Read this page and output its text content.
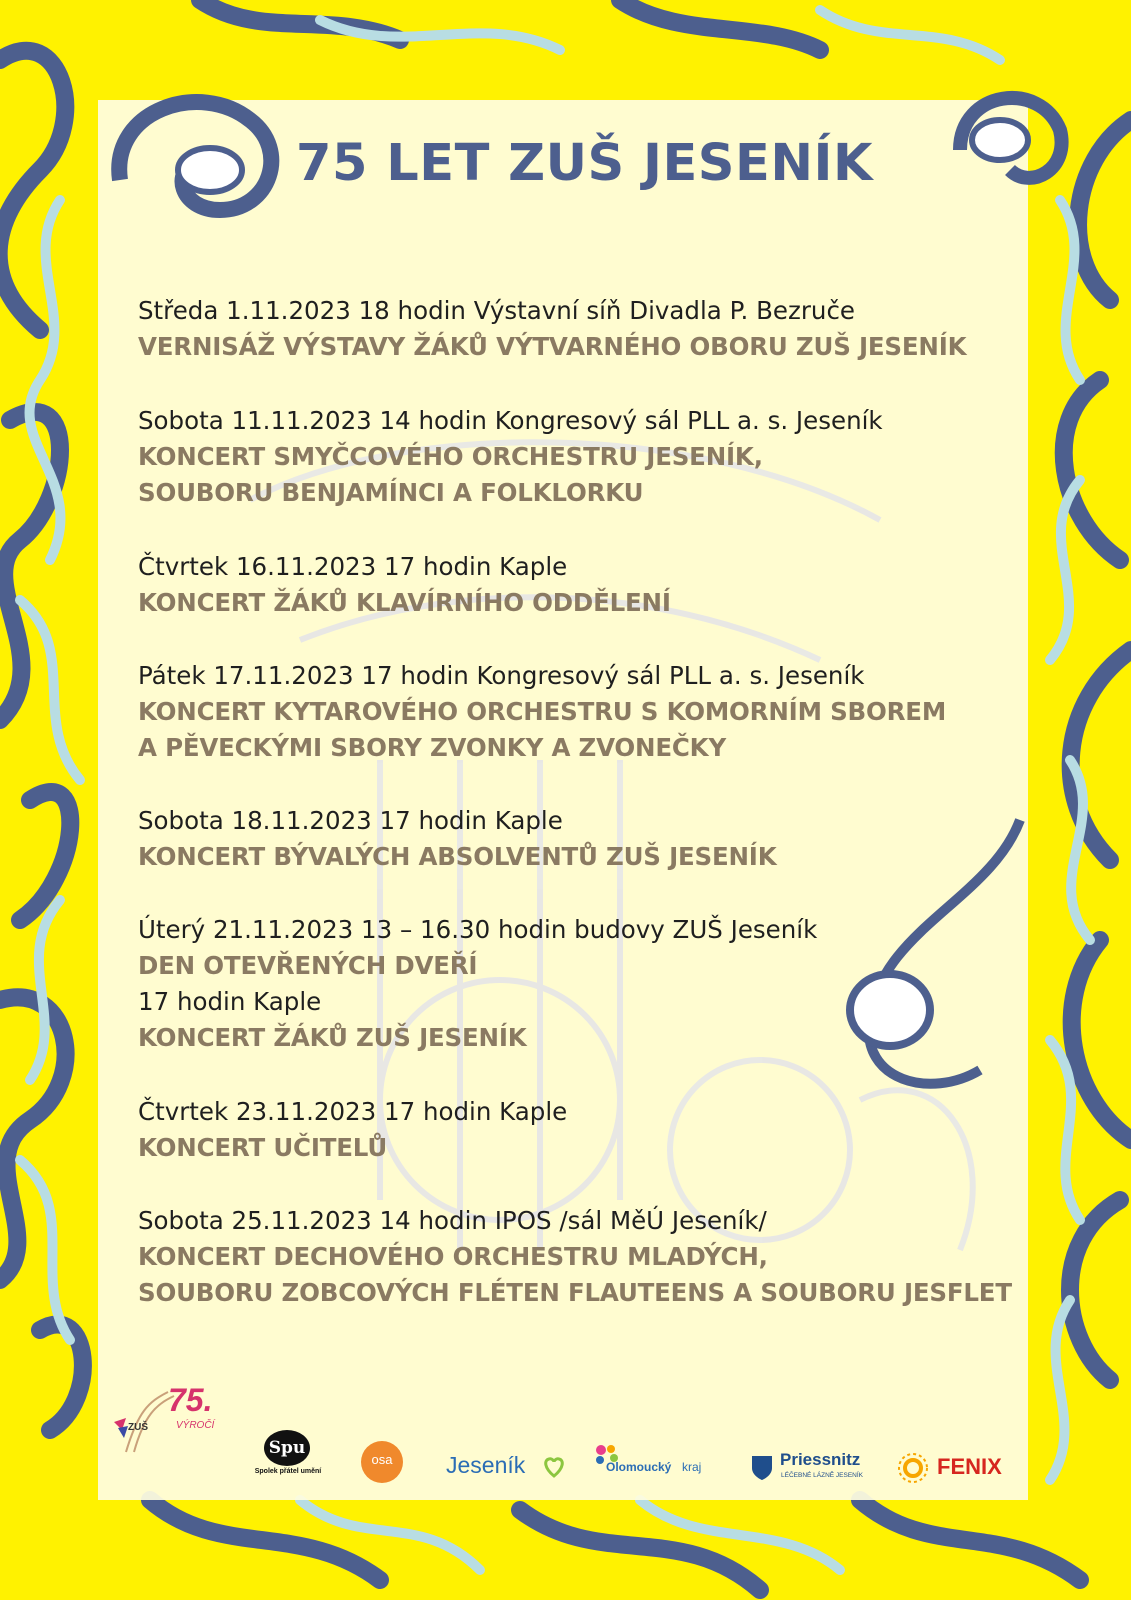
75 LET ZUŠ JESENÍK
Středa 1.11.2023 18 hodin Výstavní síň Divadla P. Bezruče
VERNISÁŽ VÝSTAVY ŽÁKŮ VÝTVARNÉHO OBORU ZUŠ JESENÍK
Sobota 11.11.2023 14 hodin Kongresový sál PLL a. s. Jeseník
KONCERT SMYČCOVÉHO ORCHESTRU JESENÍK,
SOUBORU BENJAMÍNCI A FOLKLORKU
Čtvrtek 16.11.2023 17 hodin Kaple
KONCERT ŽÁKŮ KLAVÍRNÍHO ODDĚLENÍ
Pátek 17.11.2023 17 hodin Kongresový sál PLL a. s. Jeseník
KONCERT KYTAROVÉHO ORCHESTRU S KOMORNÍM SBOREM
A PĚVECKÝMI SBORY ZVONKY A ZVONEČKY
Sobota 18.11.2023 17 hodin Kaple
KONCERT BÝVALÝCH ABSOLVENTŮ ZUŠ JESENÍK
Úterý 21.11.2023 13 – 16.30 hodin budovy ZUŠ Jeseník
DEN OTEVŘENÝCH DVEŘÍ
17 hodin Kaple
KONCERT ŽÁKŮ ZUŠ JESENÍK
Čtvrtek 23.11.2023 17 hodin Kaple
KONCERT UČITELŮ
Sobota 25.11.2023 14 hodin IPOS /sál MěÚ Jeseník/
KONCERT DECHOVÉHO ORCHESTRU MLADÝCH,
SOUBORU ZOBCOVÝCH FLÉTEN FLAUTEENS A SOUBORU JESFLET
75.
VÝROČÍ
ZUŠ
Spu
Spolek přátel umění
osa	Jeseník	Olomoucký kraj	Priessnitz
LÉČEBNÉ LÁZNĚ JESENÍK	FENIX
